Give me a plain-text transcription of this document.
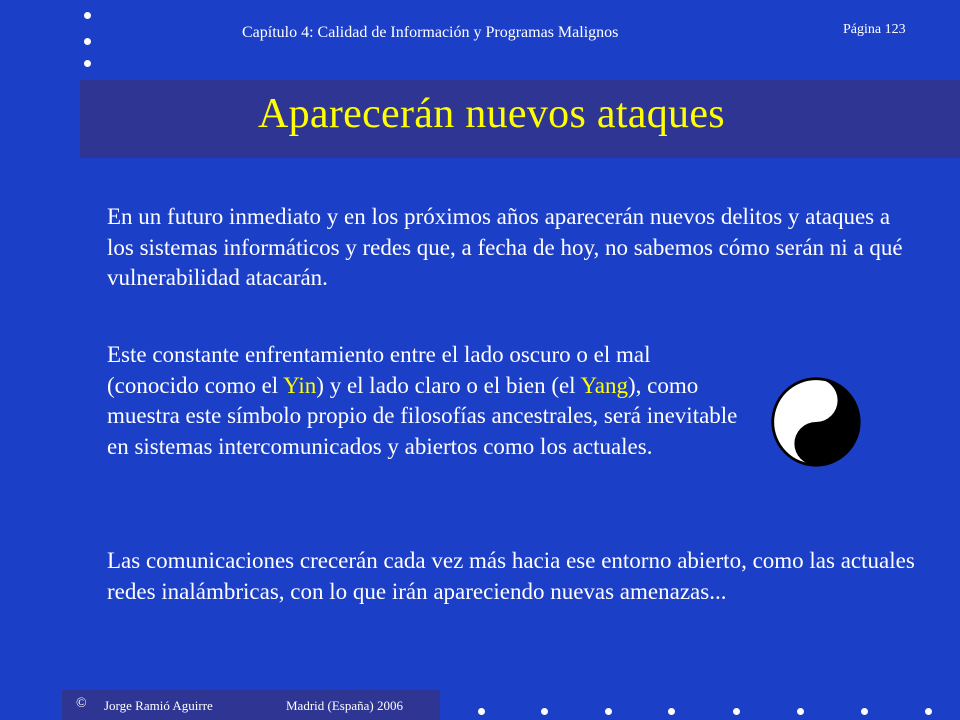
Capítulo 4: Calidad de Información y Programas Malignos	Página 123
Aparecerán nuevos ataques
En un futuro inmediato y en los próximos años aparecerán nuevos delitos y ataques a los sistemas informáticos y redes que, a fecha de hoy, no sabemos cómo serán ni a qué vulnerabilidad atacarán.
Este constante enfrentamiento entre el lado oscuro o el mal (conocido como el Yin) y el lado claro o el bien (el Yang), como muestra este símbolo propio de filosofías ancestrales, será inevitable en sistemas intercomunicados y abiertos como los actuales.
Las comunicaciones crecerán cada vez más hacia ese entorno abierto, como las actuales redes inalámbricas, con lo que irán apareciendo nuevas amenazas...
© Jorge Ramió Aguirre	Madrid (España) 2006
